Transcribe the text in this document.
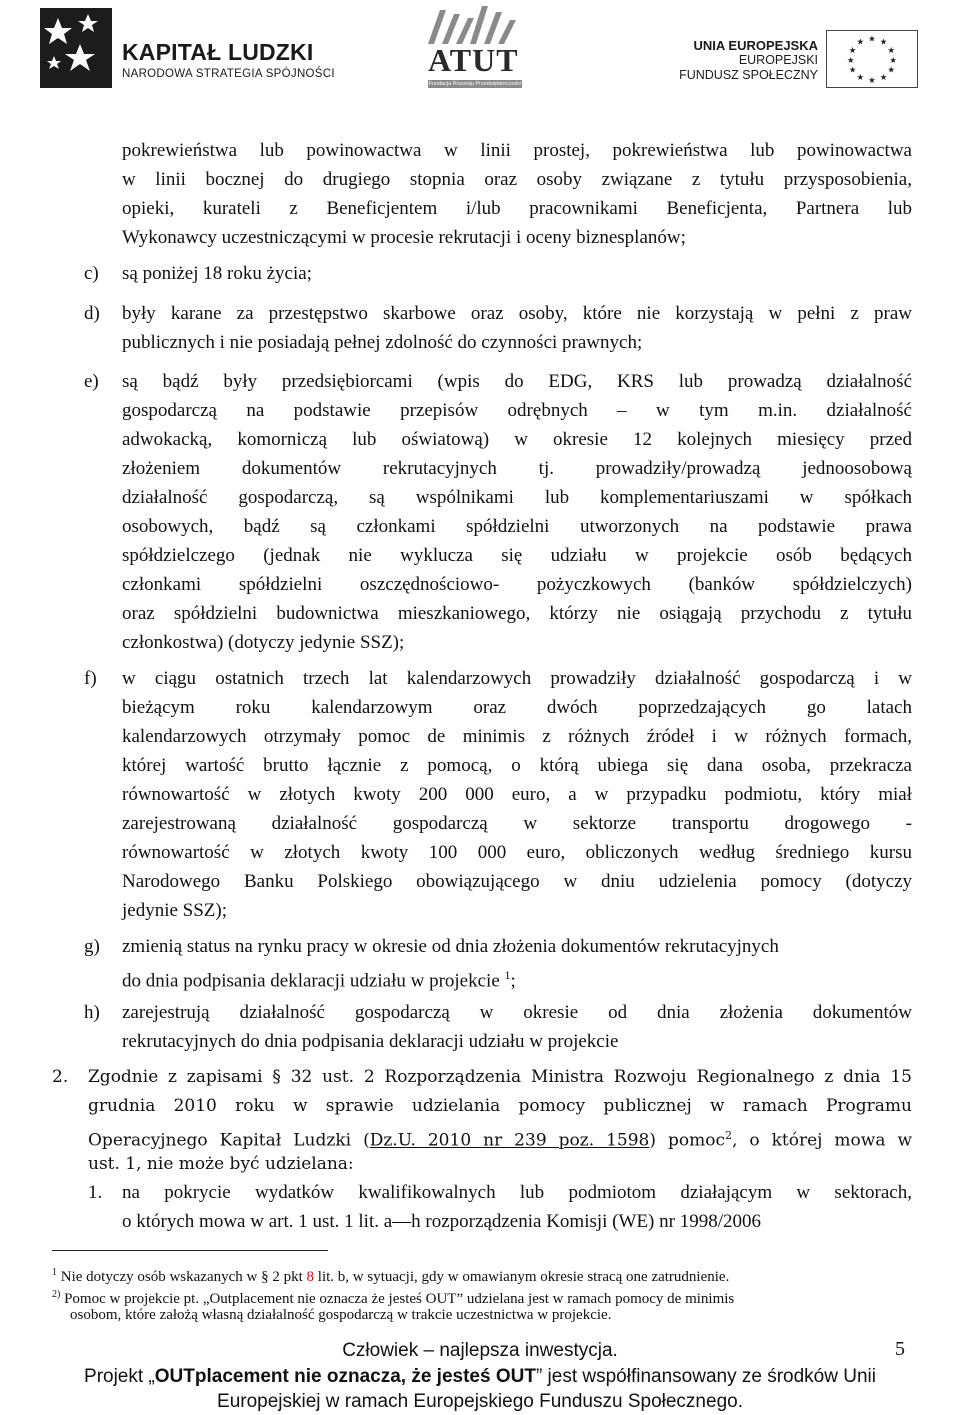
KAPITAŁ LUDZKI
NARODOWA STRATEGIA SPÓJNOŚCI	ATUT
Fundacja Rozwoju Przedsiębiorczości
UNIA EUROPEJSKA
EUROPEJSKI
FUNDUSZ SPOŁECZNY
★ ★
★
★
★
★
★
★
★
★
★
★
pokrewieństwa lub powinowactwa w linii prostej, pokrewieństwa lub powinowactwa
w linii bocznej do drugiego stopnia oraz osoby związane z tytułu przysposobienia,
opieki, kurateli z Beneficjentem i/lub pracownikami Beneficjenta, Partnera lub
Wykonawcy uczestniczącymi w procesie rekrutacji i oceny biznesplanów;
c) są poniżej 18 roku życia;
d) były karane za przestępstwo skarbowe oraz osoby, które nie korzystają w pełni z praw
publicznych i nie posiadają pełnej zdolność do czynności prawnych;
e) są bądź były przedsiębiorcami (wpis do EDG, KRS lub prowadzą działalność
gospodarczą na podstawie przepisów odrębnych – w tym m.in. działalność
adwokacką, komorniczą lub oświatową) w okresie 12 kolejnych miesięcy przed
złożeniem dokumentów rekrutacyjnych tj. prowadziły/prowadzą jednoosobową
działalność gospodarczą, są wspólnikami lub komplementariuszami w spółkach
osobowych, bądź są członkami spółdzielni utworzonych na podstawie prawa
spółdzielczego (jednak nie wyklucza się udziału w projekcie osób będących
członkami spółdzielni oszczędnościowo- pożyczkowych (banków spółdzielczych)
oraz spółdzielni budownictwa mieszkaniowego, którzy nie osiągają przychodu z tytułu
członkostwa) (dotyczy jedynie SSZ);
f) w ciągu ostatnich trzech lat kalendarzowych prowadziły działalność gospodarczą i w
bieżącym roku kalendarzowym oraz dwóch poprzedzających go latach
kalendarzowych otrzymały pomoc de minimis z różnych źródeł i w różnych formach,
której wartość brutto łącznie z pomocą, o którą ubiega się dana osoba, przekracza
równowartość w złotych kwoty 200 000 euro, a w przypadku podmiotu, który miał
zarejestrowaną działalność gospodarczą w sektorze transportu drogowego -
równowartość w złotych kwoty 100 000 euro, obliczonych według średniego kursu
Narodowego Banku Polskiego obowiązującego w dniu udzielenia pomocy (dotyczy
jedynie SSZ);
g) zmienią status na rynku pracy w okresie od dnia złożenia dokumentów rekrutacyjnych
do dnia podpisania deklaracji udziału w projekcie $^1$;
h) zarejestrują działalność gospodarczą w okresie od dnia złożenia dokumentów
rekrutacyjnych do dnia podpisania deklaracji udziału w projekcie
2. Zgodnie z zapisami § 32 ust. 2 Rozporządzenia Ministra Rozwoju Regionalnego z dnia 15
grudnia 2010 roku w sprawie udzielania pomocy publicznej w ramach Programu
Operacyjnego Kapitał Ludzki (Dz.U. 2010 nr 239 poz. 1598) pomoc$^2$, o której mowa w
ust. 1, nie może być udzielana:
1. na pokrycie wydatków kwalifikowalnych lub podmiotom działającym w sektorach,
o których mowa w art. 1 ust. 1 lit. a—h rozporządzenia Komisji (WE) nr 1998/2006
$^1$ Nie dotyczy osób wskazanych w § 2 pkt 8 lit. b, w sytuacji, gdy w omawianym okresie stracą one zatrudnienie.
$^{2)}$ Pomoc w projekcie pt. „Outplacement nie oznacza że jesteś OUT” udzielana jest w ramach pomocy de minimis
osobom, które założą własną działalność gospodarczą w trakcie uczestnictwa w projekcie.
Człowiek – najlepsza inwestycja.	5
Projekt „OUTplacement nie oznacza, że jesteś OUT” jest współfinansowany ze środków Unii
Europejskiej w ramach Europejskiego Funduszu Społecznego.
